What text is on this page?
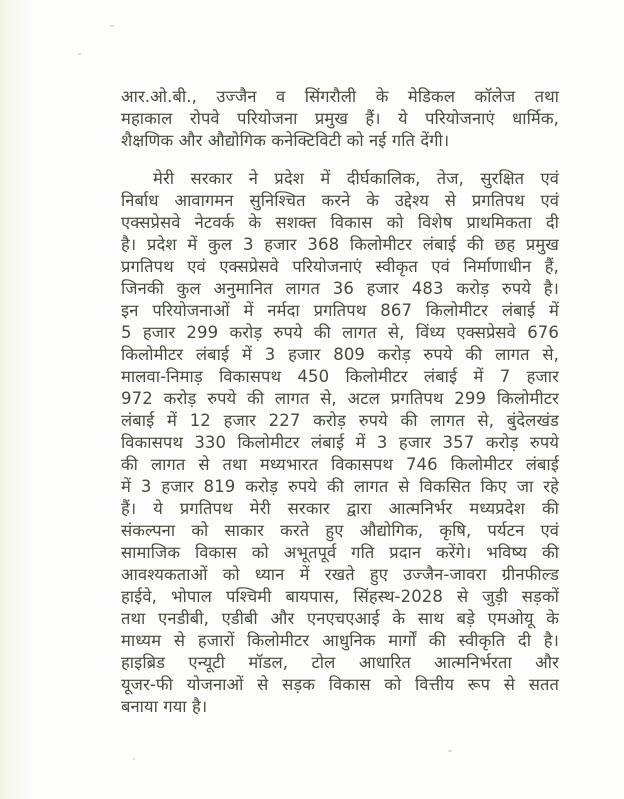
आर.ओ.बी., उज्जैन व सिंगरौली के मेडिकल कॉलेज तथा
महाकाल रोपवे परियोजना प्रमुख हैं। ये परियोजनाएं धार्मिक,
शैक्षणिक और औद्योगिक कनेक्टिविटी को नई गति देंगी।
मेरी सरकार ने प्रदेश में दीर्घकालिक, तेज, सुरक्षित एवं
निर्बाध आवागमन सुनिश्चित करने के उद्देश्य से प्रगतिपथ एवं
एक्सप्रेसवे नेटवर्क के सशक्त विकास को विशेष प्राथमिकता दी
है। प्रदेश में कुल 3 हजार 368 किलोमीटर लंबाई की छह प्रमुख
प्रगतिपथ एवं एक्सप्रेसवे परियोजनाएं स्वीकृत एवं निर्माणाधीन हैं,
जिनकी कुल अनुमानित लागत 36 हजार 483 करोड़ रुपये है।
इन परियोजनाओं में नर्मदा प्रगतिपथ 867 किलोमीटर लंबाई में
5 हजार 299 करोड़ रुपये की लागत से, विंध्य एक्सप्रेसवे 676
किलोमीटर लंबाई में 3 हजार 809 करोड़ रुपये की लागत से,
मालवा-निमाड़ विकासपथ 450 किलोमीटर लंबाई में 7 हजार
972 करोड़ रुपये की लागत से, अटल प्रगतिपथ 299 किलोमीटर
लंबाई में 12 हजार 227 करोड़ रुपये की लागत से, बुंदेलखंड
विकासपथ 330 किलोमीटर लंबाई में 3 हजार 357 करोड़ रुपये
की लागत से तथा मध्यभारत विकासपथ 746 किलोमीटर लंबाई
में 3 हजार 819 करोड़ रुपये की लागत से विकसित किए जा रहे
हैं। ये प्रगतिपथ मेरी सरकार द्वारा आत्मनिर्भर मध्यप्रदेश की
संकल्पना को साकार करते हुए औद्योगिक, कृषि, पर्यटन एवं
सामाजिक विकास को अभूतपूर्व गति प्रदान करेंगे। भविष्य की
आवश्यकताओं को ध्यान में रखते हुए उज्जैन-जावरा ग्रीनफील्ड
हाईवे, भोपाल पश्चिमी बायपास, सिंहस्थ-2028 से जुड़ी सड़कों
तथा एनडीबी, एडीबी और एनएचएआई के साथ बड़े एमओयू के
माध्यम से हजारों किलोमीटर आधुनिक मार्गों की स्वीकृति दी है।
हाइब्रिड एन्यूटी मॉडल, टोल आधारित आत्मनिर्भरता और
यूजर-फी योजनाओं से सड़क विकास को वित्तीय रूप से सतत
बनाया गया है।
